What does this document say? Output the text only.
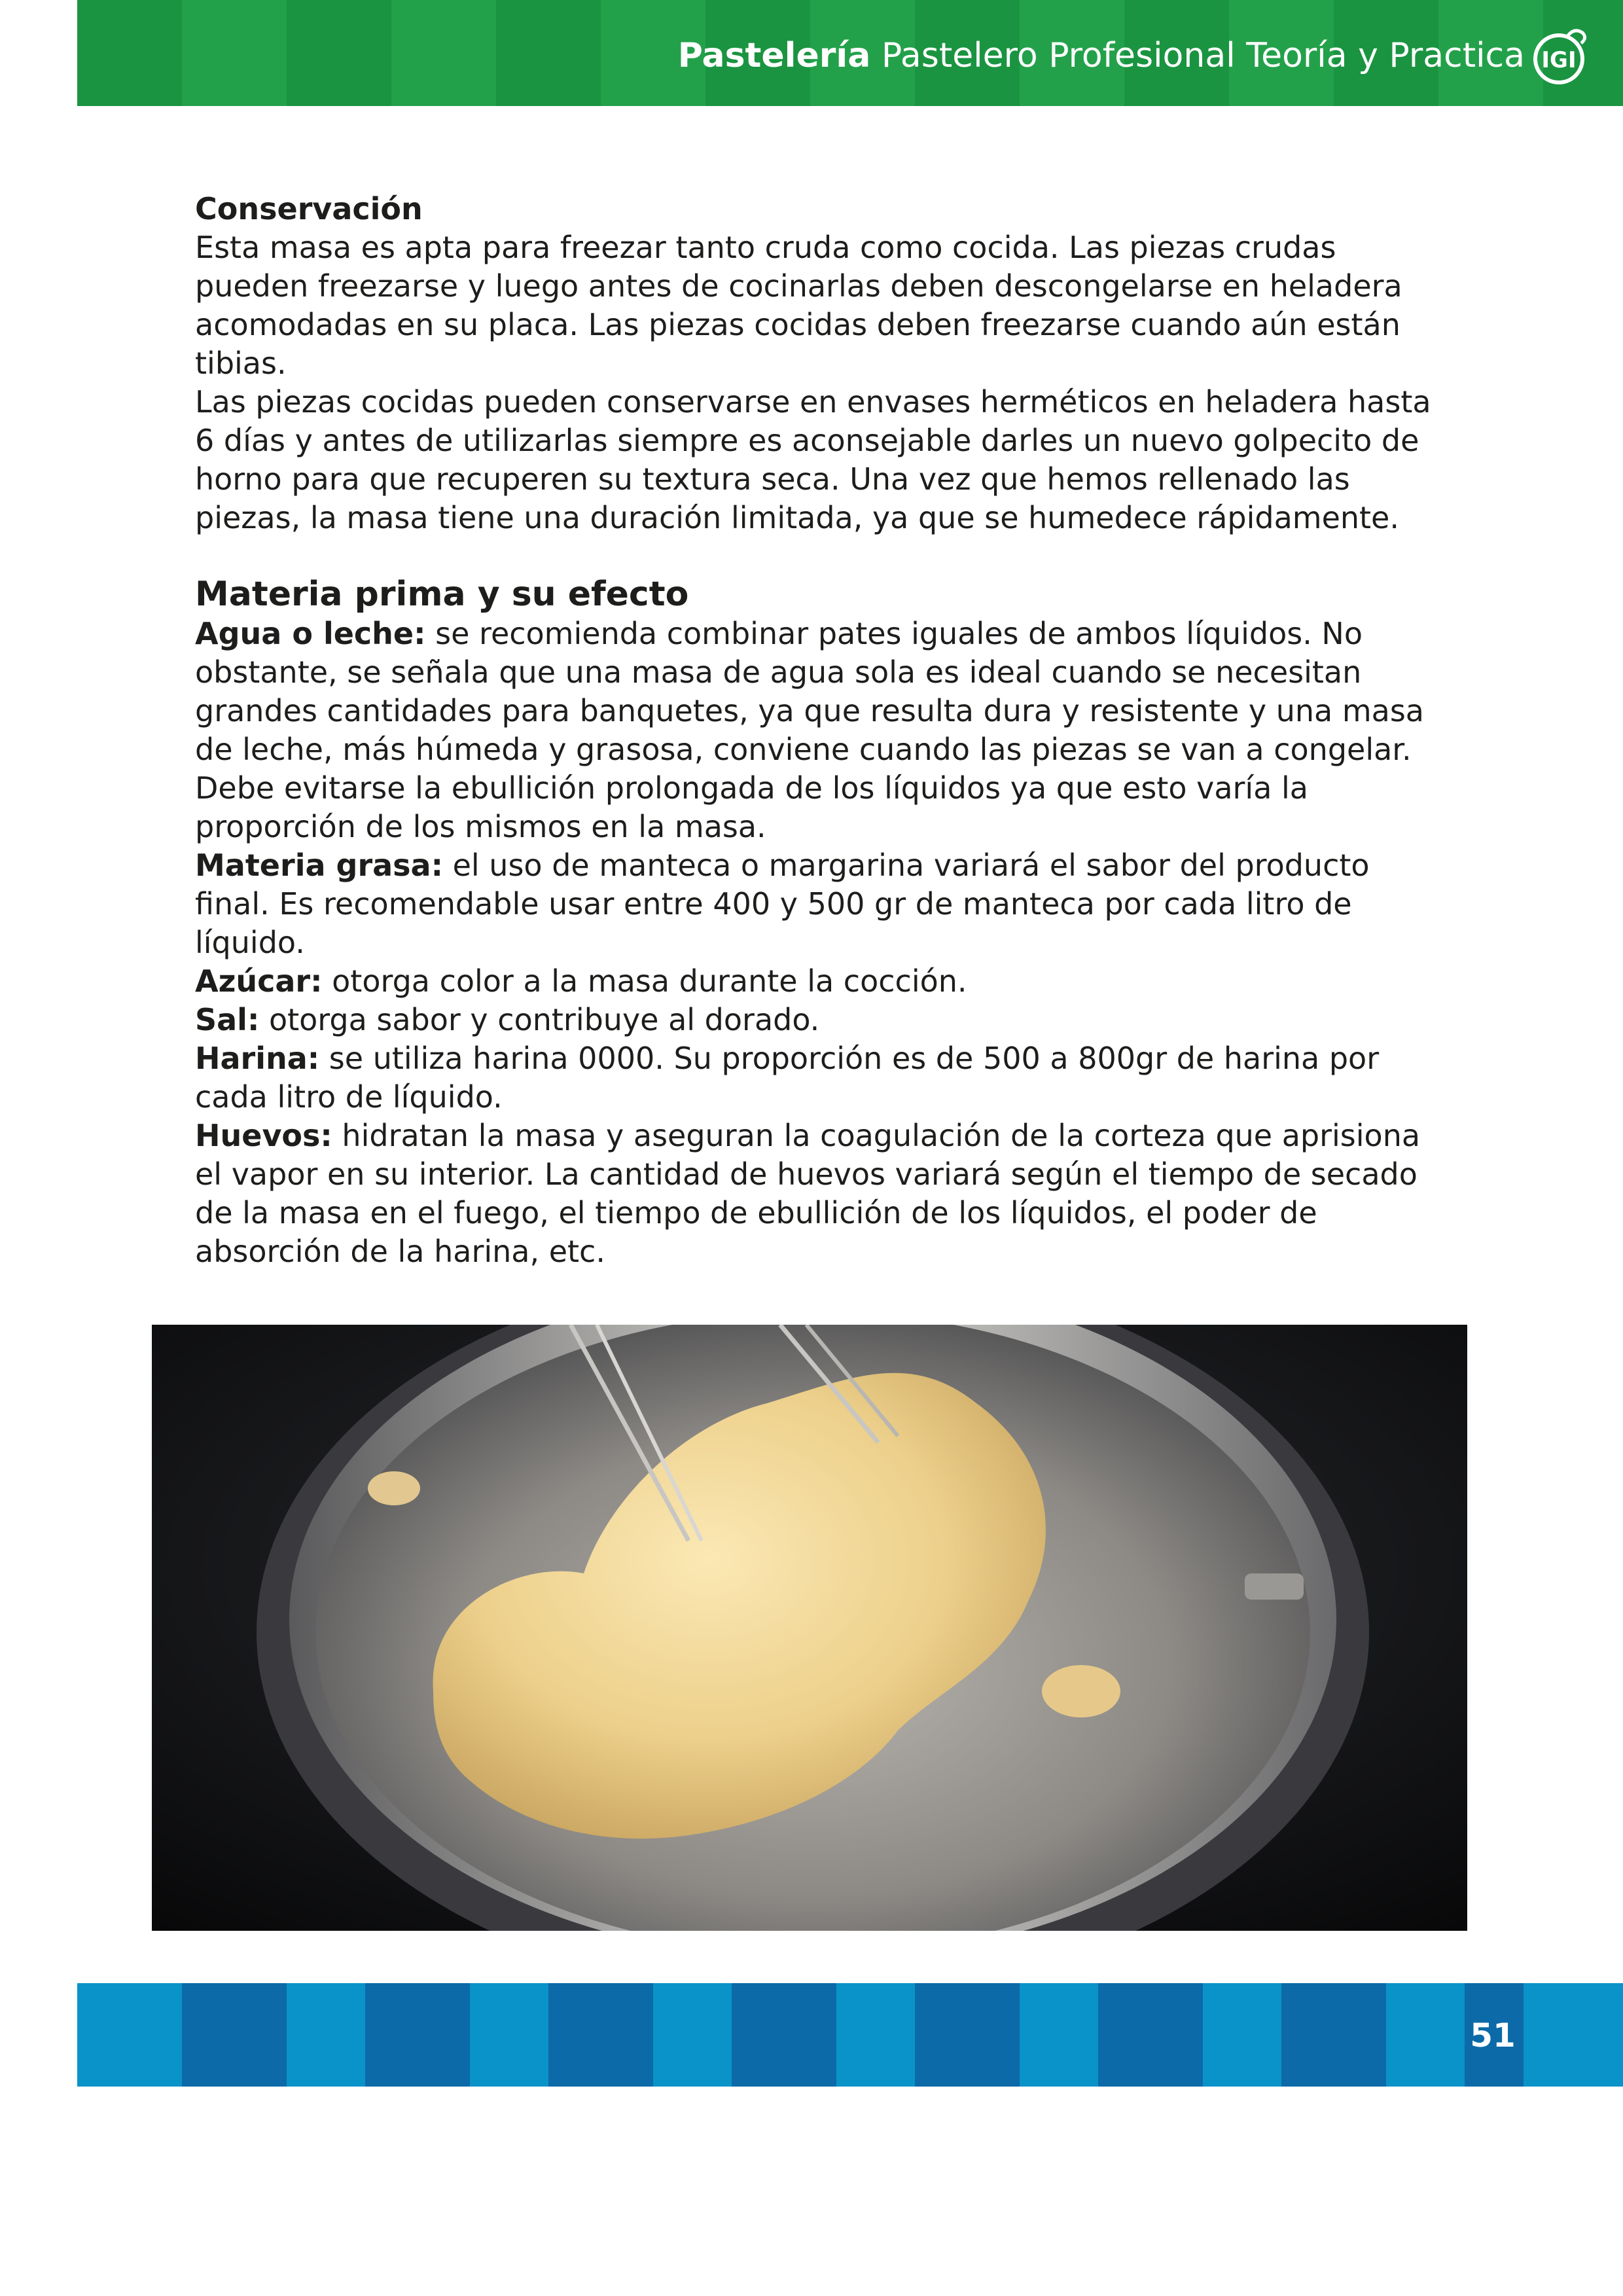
Pastelería Pastelero Profesional Teoría y Practica IGI

Conservación

Esta masa es apta para freezar tanto cruda como cocida. Las piezas crudas pueden freezarse y luego antes de cocinarlas deben descongelarse en heladera acomodadas en su placa. Las piezas cocidas deben freezarse cuando aún están tibias.

Las piezas cocidas pueden conservarse en envases herméticos en heladera hasta 6 días y antes de utilizarlas siempre es aconsejable darles un nuevo golpecito de horno para que recuperen su textura seca. Una vez que hemos rellenado las piezas, la masa tiene una duración limitada, ya que se humedece rápidamente.

Materia prima y su efecto

Agua o leche: se recomienda combinar pates iguales de ambos líquidos. No obstante, se señala que una masa de agua sola es ideal cuando se necesitan grandes cantidades para banquetes, ya que resulta dura y resistente y una masa de leche, más húmeda y grasosa, conviene cuando las piezas se van a congelar. Debe evitarse la ebullición prolongada de los líquidos ya que esto varía la proporción de los mismos en la masa.

Materia grasa: el uso de manteca o margarina variará el sabor del producto final. Es recomendable usar entre 400 y 500 gr de manteca por cada litro de líquido.

Azúcar: otorga color a la masa durante la cocción.

Sal: otorga sabor y contribuye al dorado.

Harina: se utiliza harina 0000. Su proporción es de 500 a 800gr de harina por cada litro de líquido.

Huevos: hidratan la masa y aseguran la coagulación de la corteza que aprisiona el vapor en su interior. La cantidad de huevos variará según el tiempo de secado de la masa en el fuego, el tiempo de ebullición de los líquidos, el poder de absorción de la harina, etc.

51
